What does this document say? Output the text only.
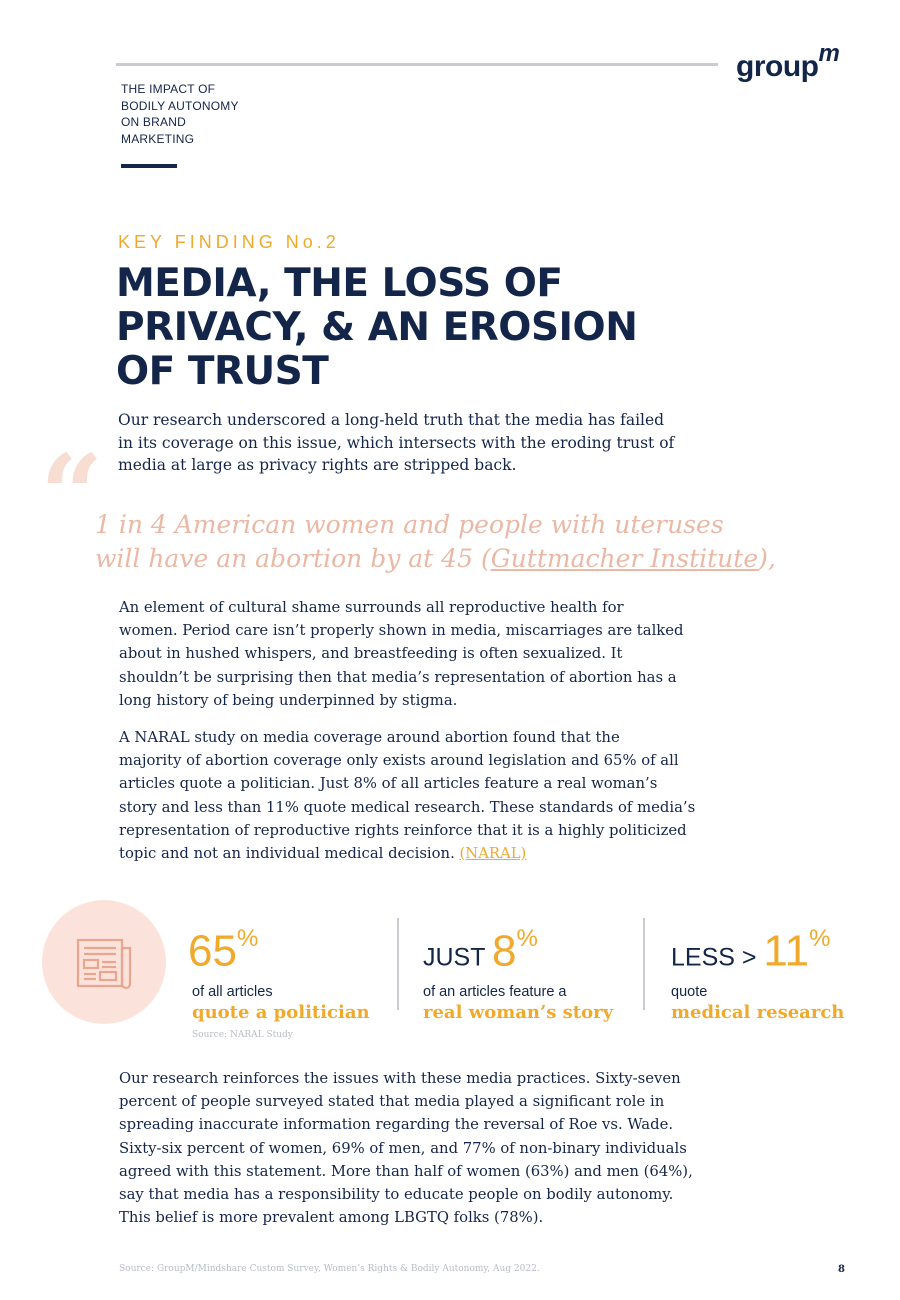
group$^m$
THE IMPACT OF
BODILY AUTONOMY
ON BRAND
MARKETING
KEY FINDING No.2
MEDIA, THE LOSS OF
PRIVACY, & AN EROSION
OF TRUST
Our research underscored a long-held truth that the media has failed
in its coverage on this issue, which intersects with the eroding trust of
media at large as privacy rights are stripped back.
“
1 in 4 American women and people with uteruses
will have an abortion by at 45 (Guttmacher Institute),
An element of cultural shame surrounds all reproductive health for
women. Period care isn’t properly shown in media, miscarriages are talked
about in hushed whispers, and breastfeeding is often sexualized. It
shouldn’t be surprising then that media’s representation of abortion has a
long history of being underpinned by stigma.
A NARAL study on media coverage around abortion found that the
majority of abortion coverage only exists around legislation and 65% of all
articles quote a politician. Just 8% of all articles feature a real woman’s
story and less than 11% quote medical research. These standards of media’s
representation of reproductive rights reinforce that it is a highly politicized
topic and not an individual medical decision. (NARAL)
65%
of all articles
quote a politician
JUST 8%
of an articles feature a
real woman’s story
LESS > 11%
quote
medical research
Source: NARAL Study
Our research reinforces the issues with these media practices. Sixty-seven
percent of people surveyed stated that media played a significant role in
spreading inaccurate information regarding the reversal of Roe vs. Wade.
Sixty-six percent of women, 69% of men, and 77% of non-binary individuals
agreed with this statement. More than half of women (63%) and men (64%),
say that media has a responsibility to educate people on bodily autonomy.
This belief is more prevalent among LBGTQ folks (78%).
Source: GroupM/Mindshare Custom Survey, Women’s Rights & Bodily Autonomy, Aug 2022.	8
